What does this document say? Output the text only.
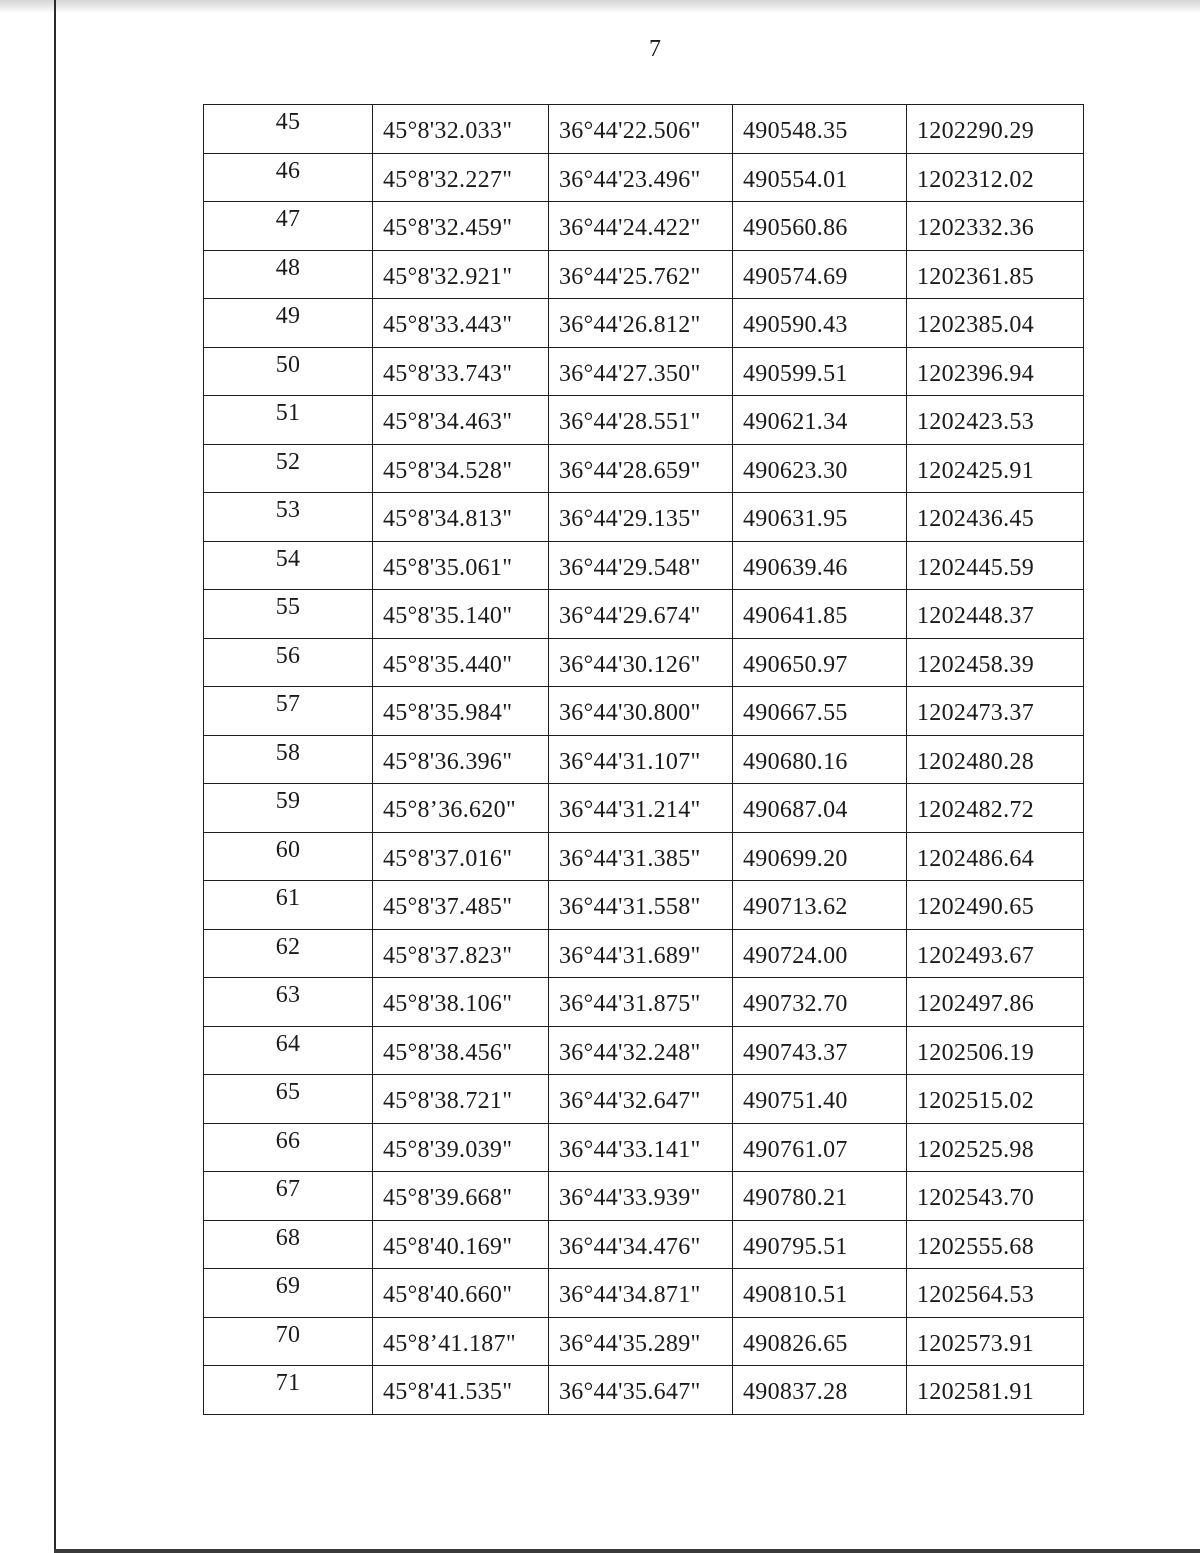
7
45	45°8'32.033"	36°44'22.506"	490548.35	1202290.29
46	45°8'32.227"	36°44'23.496"	490554.01	1202312.02
47	45°8'32.459"	36°44'24.422"	490560.86	1202332.36
48	45°8'32.921"	36°44'25.762"	490574.69	1202361.85
49	45°8'33.443"	36°44'26.812"	490590.43	1202385.04
50	45°8'33.743"	36°44'27.350"	490599.51	1202396.94
51	45°8'34.463"	36°44'28.551"	490621.34	1202423.53
52	45°8'34.528"	36°44'28.659"	490623.30	1202425.91
53	45°8'34.813"	36°44'29.135"	490631.95	1202436.45
54	45°8'35.061"	36°44'29.548"	490639.46	1202445.59
55	45°8'35.140"	36°44'29.674"	490641.85	1202448.37
56	45°8'35.440"	36°44'30.126"	490650.97	1202458.39
57	45°8'35.984"	36°44'30.800"	490667.55	1202473.37
58	45°8'36.396"	36°44'31.107"	490680.16	1202480.28
59	45°8’36.620"	36°44'31.214"	490687.04	1202482.72
60	45°8'37.016"	36°44'31.385"	490699.20	1202486.64
61	45°8'37.485"	36°44'31.558"	490713.62	1202490.65
62	45°8'37.823"	36°44'31.689"	490724.00	1202493.67
63	45°8'38.106"	36°44'31.875"	490732.70	1202497.86
64	45°8'38.456"	36°44'32.248"	490743.37	1202506.19
65	45°8'38.721"	36°44'32.647"	490751.40	1202515.02
66	45°8'39.039"	36°44'33.141"	490761.07	1202525.98
67	45°8'39.668"	36°44'33.939"	490780.21	1202543.70
68	45°8'40.169"	36°44'34.476"	490795.51	1202555.68
69	45°8'40.660"	36°44'34.871"	490810.51	1202564.53
70	45°8’41.187"	36°44'35.289"	490826.65	1202573.91
71	45°8'41.535"	36°44'35.647"	490837.28	1202581.91
